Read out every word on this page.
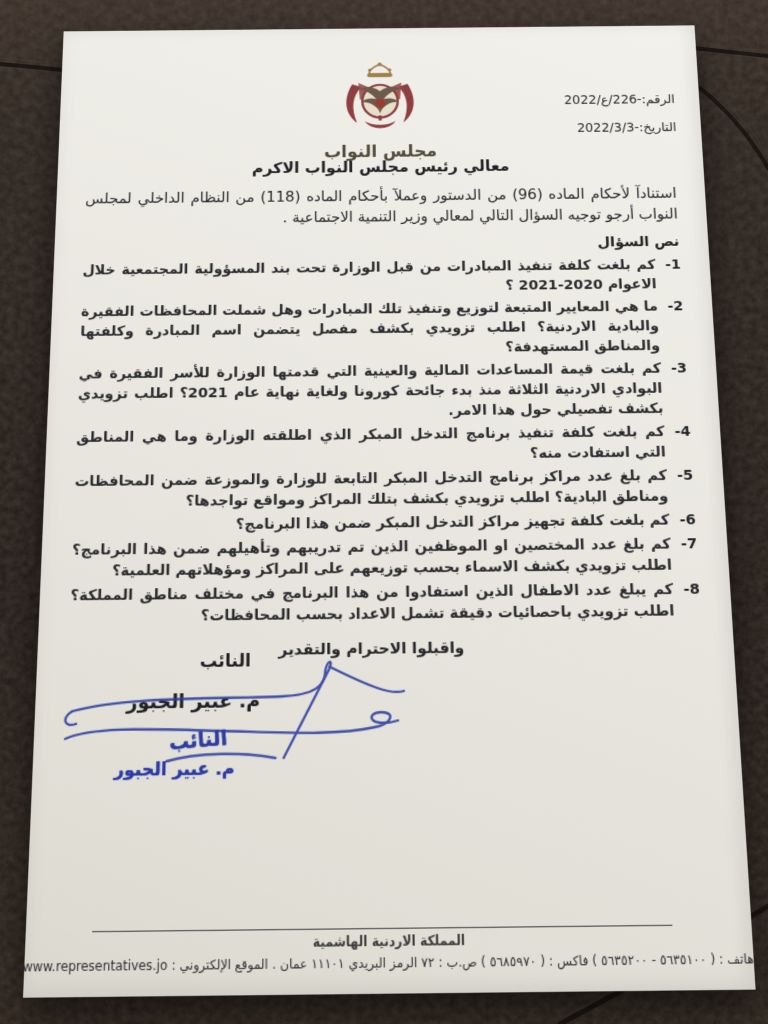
الرقم:-226/ع/2022
التاريخ:-2022/3/3
مجلس النواب
معالي رئيس مجلس النواب الاكرم

استنادآ لأحكام الماده (96) من الدستور وعملآ بأحكام الماده (118) من النظام الداخلي لمجلس النواب أرجو توجيه السؤال التالي لمعالي وزير التنمية الاجتماعية .

نص السؤال
1-
كم بلغت كلفة تنفيذ المبادرات من قبل الوزارة تحت بند المسؤولية المجتمعية خلال الاعوام 2020‏-‏2021 ؟
2-
ما هي المعايير المتبعة لتوزيع وتنفيذ تلك المبادرات وهل شملت المحافظات الفقيرة والبادية الاردنية؟ اطلب تزويدي بكشف مفصل يتضمن اسم المبادرة وكلفتها والمناطق المستهدفة؟
3-
كم بلغت قيمة المساعدات المالية والعينية التي قدمتها الوزارة للأسر الفقيرة في البوادي الاردنية الثلاثة منذ بدء جائحة كورونا ولغاية نهاية عام 2021؟ اطلب تزويدي بكشف تفصيلي حول هذا الامر.
4-
كم بلغت كلفة تنفيذ برنامج التدخل المبكر الذي اطلقته الوزارة وما هي المناطق التي استفادت منه؟
5-
كم بلغ عدد مراكز برنامج التدخل المبكر التابعة للوزارة والموزعة ضمن المحافظات ومناطق البادية؟ اطلب تزويدي بكشف بتلك المراكز ومواقع تواجدها؟
6-
كم بلغت كلفة تجهيز مراكز التدخل المبكر ضمن هذا البرنامج؟
7-
كم بلغ عدد المختصين او الموظفين الذين تم تدريبهم وتأهيلهم ضمن هذا البرنامج؟ اطلب تزويدي بكشف الاسماء بحسب توزيعهم على المراكز ومؤهلاتهم العلمية؟
8-
كم يبلغ عدد الاطفال الذين استفادوا من هذا البرنامج في مختلف مناطق المملكة؟ اطلب تزويدي باحصائيات دقيقة تشمل الاعداد بحسب المحافظات؟
واقبلوا الاحترام والتقدير
النائب
م. عبير الجبور
النائب
م. عبير الجبور
المملكة الاردنية الهاشمية
هاتف : ( ٥٦٣٥١٠٠ - ٥٦٣٥٢٠٠ ) فاكس : ( ٥٦٨٥٩٧٠ ) ص.ب : ٧٢ الرمز البريدي ١١١٠١ عمان . الموقع الإلكتروني : www.representatives.jo
